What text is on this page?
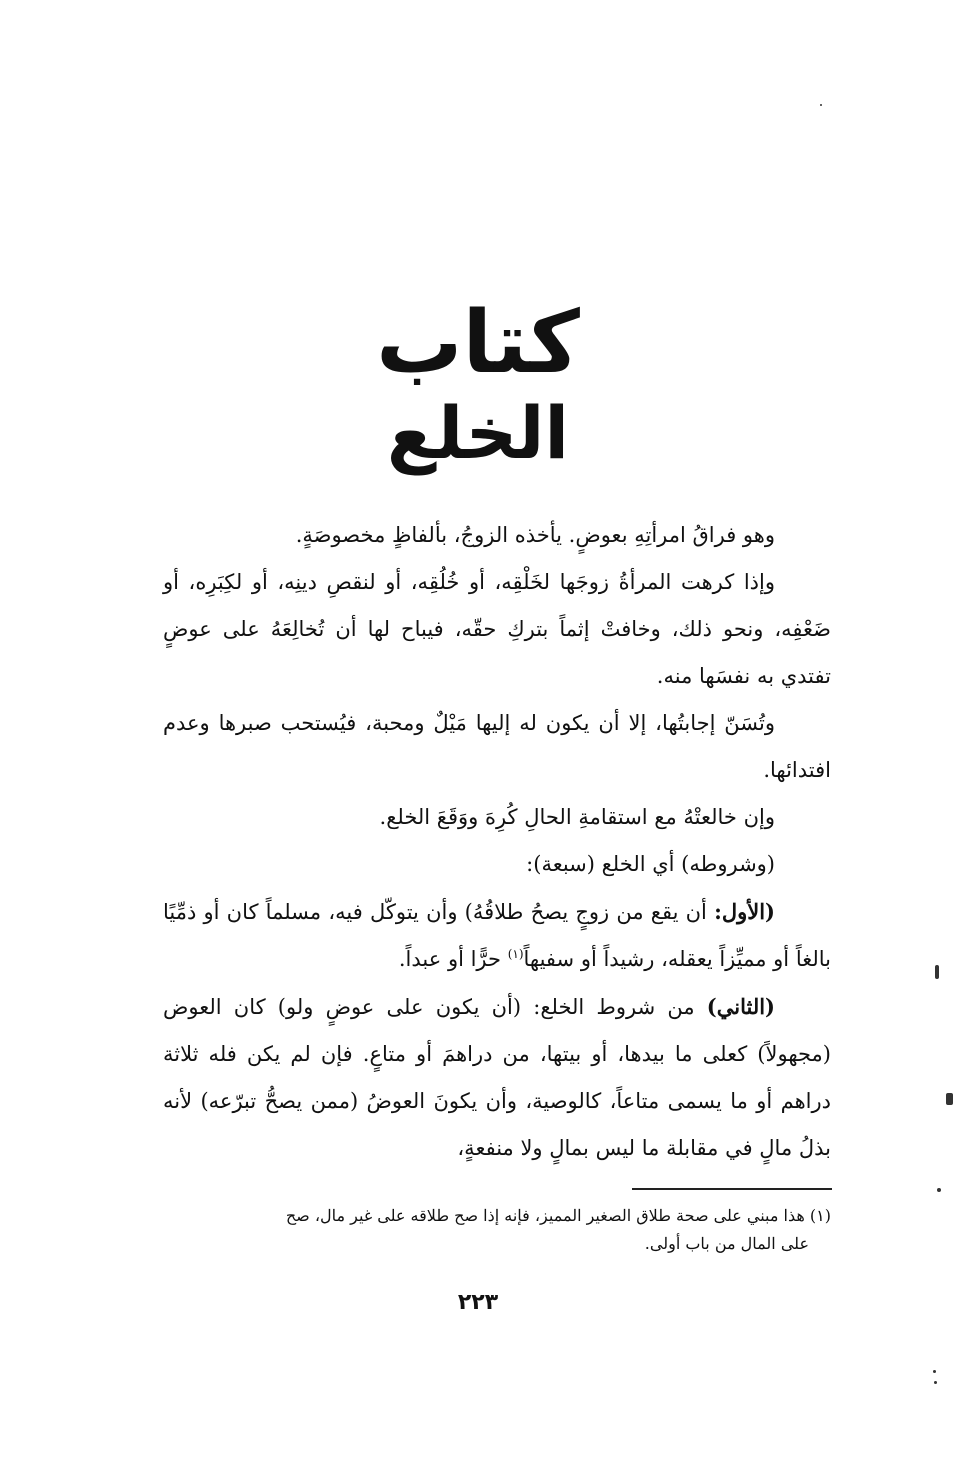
كتاب
الخلع

وهو فراقُ امرأتِهِ بعوضٍ. يأخذه الزوجُ، بألفاظٍ مخصوصَةٍ.

وإذا كرهت المرأةُ زوجَها لخَلْقِه، أو خُلُقِه، أو لنقصِ دينِه، أو لكِبَرِه، أو ضَعْفِه، ونحو ذلك، وخافتْ إثماً بتركِ حقّه، فيباح لها أن تُخالِعَهُ على عوضٍ تفتدي به نفسَها منه.

وتُسَنّ إجابتُها، إلا أن يكون له إليها مَيْلٌ ومحبة، فيُستحب صبرها وعدم افتدائها.

وإن خالعتْهُ مع استقامةِ الحالِ كُرِهَ ووَقَعَ الخلع.

(وشروطه) أي الخلع (سبعة):

(الأول: أن يقع من زوجٍ يصحُ طلاقُهُ) وأن يتوكّل فيه، مسلماً كان أو ذمِّيًا بالغاً أو مميِّزاً يعقله، رشيداً أو سفيهاً$^{(١)}$ حرًّا أو عبداً.

(الثاني) من شروط الخلع: (أن يكون على عوضٍ ولو) كان العوض (مجهولاً) كعلى ما بيدها، أو بيتها، من دراهمَ أو متاعٍ. فإن لم يكن فله ثلاثة دراهم أو ما يسمى متاعاً، كالوصية، وأن يكونَ العوضُ (ممن يصحُّ تبرّعه) لأنه بذلُ مالٍ في مقابلة ما ليس بمالٍ ولا منفعةٍ،

(١) هذا مبني على صحة طلاق الصغير المميز، فإنه إذا صح طلاقه على غير مال، صح

على المال من باب أولى.

٢٢٣
